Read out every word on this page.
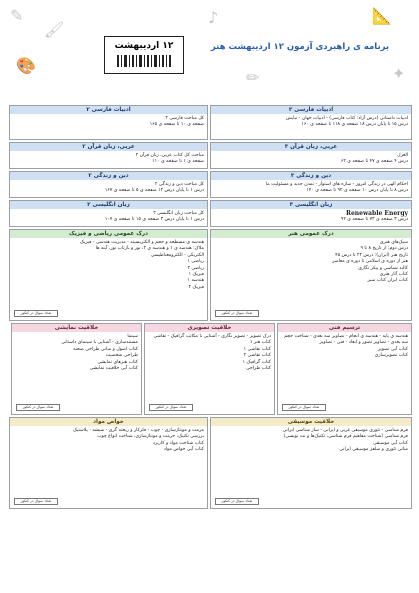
✎
🖌
🎨
♪
✏
📐
✦
برنامه ی راهبردی آزمون ۱۲ اردیبهشت هنر
۱۲ اردیبهشت
ادبیات فارسی ۳
ادبیات داستانی (درس آزاد: کتاب فارسی) - ادبیات جهان - نیایش
درس ۱۵ تا پایان درس ۱۸ صفحه ی ۱۱۸ تا صفحه ی ۱۶۰
ادبیات فارسی ۲
کل مباحث فارسی ۲
صفحه ی ۱۰ تا صفحه ی ۱۶۵
عربی، زبان قرآن ۳
الغزل
درس ۴ صفحه ی ۴۷ تا صفحه ی ۶۲
عربی، زبان قرآن ۲
مباحث کل کتاب عربی، زبان قرآن ۲
صفحه ی ۱ تا صفحه ی ۱۱۰
دین و زندگی ۳
احکام الهی در زندگی امروز - سازه های استوار - تمدن جدید و مسئولیت ما
درس ۸ تا پایان درس ۱۰ صفحه ی ۹۲ تا صفحه ی ۱۴۰
دین و زندگی ۲
کل مباحث دین و زندگی ۲
درس ۱ تا پایان درس ۱۲ صفحه ی ۵ تا صفحه ی ۱۶۷
زبان انگلیسی ۳
Renewable Energy
درس ۳ صفحه ی ۷۳ تا صفحه ی ۹۲
زبان انگلیسی ۲
کل مباحث زبان انگلیسی ۲
درس ۱ تا پایان درس ۳ صفحه ی ۱۵ تا صفحه ی ۱۰۷
درک عمومی هنر
سبک‌های هنری
درس دوم: از تاریخ ۸ تا ۹
تاریخ هنر (ایران): درس ۲۲ تا درس ۴۵
هنر از دوره ی اسلامی تا دوره ی معاصر
کالبد شناسی و پیکر نگاری
کتاب آثار هنری
کتاب ایران کتاب سبز
تعداد سوال در کنکور
درک عمومی ریاضی و فیزیک
هندسه ی مسطحه و حجم و الکتریسیته - مدیریت هندسی - فیزیک
ملاک: هندسه ی ۱ و هندسه ی ۲، نور و بازتاب نور، آینه ها
الکتریکی - الکترومغناطیسی
ریاضی ۱
ریاضی ۲
فیزیک ۱
هندسه ۱
فیزیک ۲
تعداد سوال در کنکور
ترسیم فنی
هندسه ی پایه - هندسه ی انجام - تصاویر سه بعدی - شناخت حجم
سه بعدی - تصاویر تصور و ابعاد - فنی - تصاویر
کتاب آبی تصویر
کتاب تصویرسازی
تعداد سوال در کنکور
خلاقیت تصویری
درک تصویر - تصویر نگاری - آشنایی با مکاتب گرافیک - نقاشی
کتاب هنر ۱
کتاب نقاشی ۱
کتاب نقاشی ۲
کتاب گرافیک ۱
کتاب طراحی
تعداد سوال در کنکور
خلاقیت نمایشی
سینما
مستندسازی - آشنایی با سینمای داستانی
کتاب اصول و مبانی طراحی صحنه
طراحی شخصیت
کتاب هنرهای نمایشی
کتاب آبی خلاقیت نمایشی
تعداد سوال در کنکور
خلاقیت موسیقی
فرم شناسی - تئوری موسیقی غربی و ایرانی - ساز شناسی ایرانی
فرم شناسی (شناخت مفاهیم فرم شناسی، تکنیک‌ها و نت نویسی)
کتاب آبی موسیقی
مبانی تئوری و سلفژ موسیقی ایرانی
تعداد سوال در کنکور
خواص مواد
مرمت و مونتاژ‌سازی - چوب - فلزکار و ریخته گری - شیشه - پلاستیک
بررسی تکنیک، حرمت و مونتاژسازی، شناخت انواع چوب
کتاب شناخت مواد و کاربرد
کتاب آبی خواص مواد
تعداد سوال در کنکور
